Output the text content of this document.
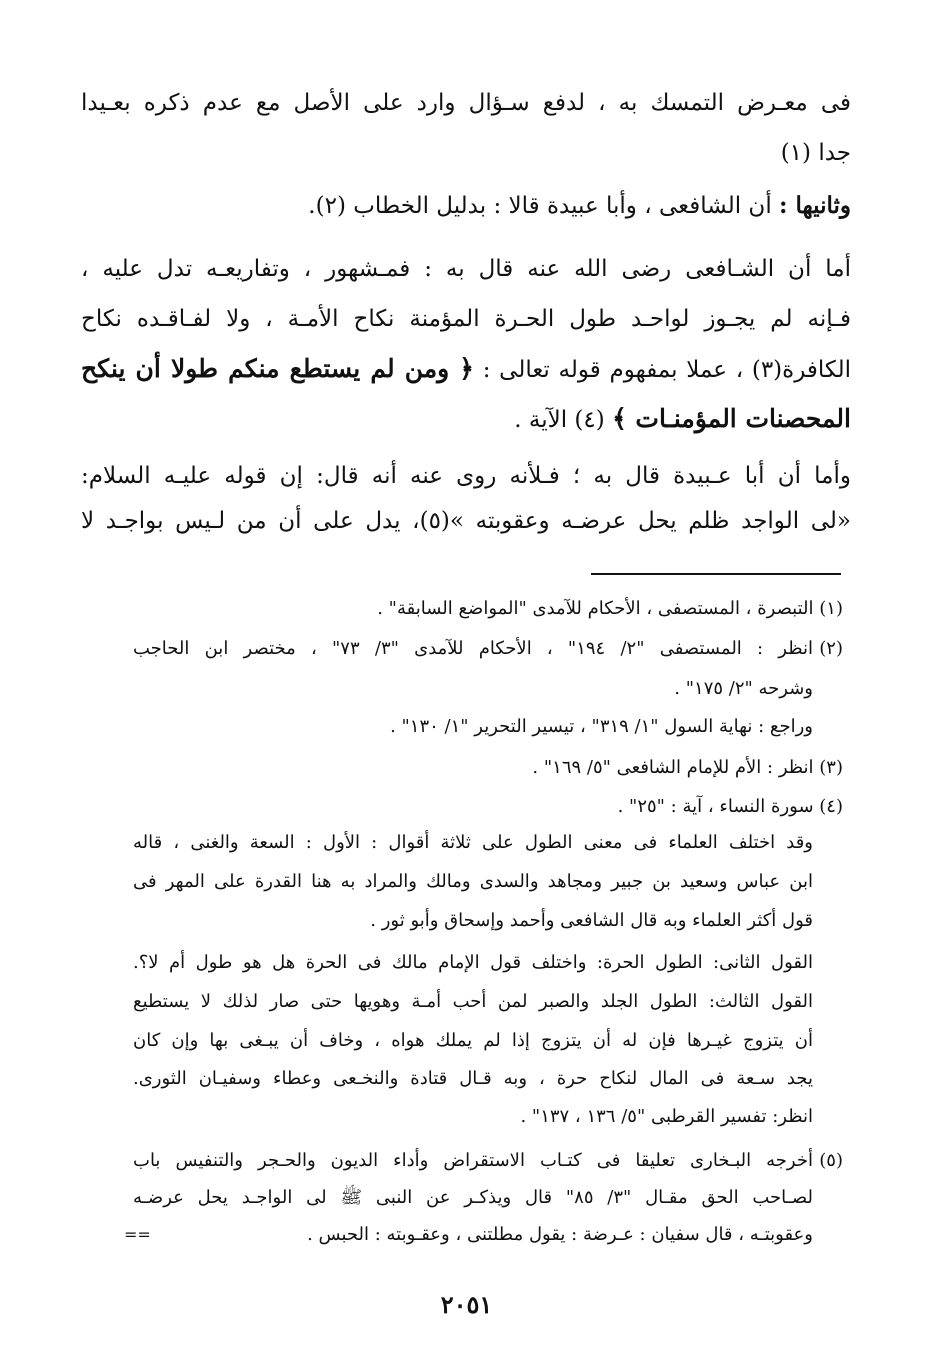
فى معـرض التمسك به ، لدفع سـؤال وارد على الأصل مع عدم ذكره بعـيدا
جدا (١)
وثانيها : أن الشافعى ، وأبا عبيدة قالا : بدليل الخطاب (٢).
أما أن الشـافعى رضى الله عنه قال به : فمـشهور ، وتفاريعـه تدل عليه ،
فـإنه لم يجـوز لواحـد طول الحـرة المؤمنة نكاح الأمـة ، ولا لفـاقـده نكاح
الكافرة(٣) ، عملا بمفهوم قوله تعالى : ﴿ ومن لم يستطع منكم طولا أن ينكح
المحصنات المؤمنـات ﴾ (٤) الآية .
وأما أن أبا عـبيدة قال به ؛ فـلأنه روى عنه أنه قال: إن قوله عليـه السلام:
«لى الواجد ظلم يحل عرضـه وعقوبته »(٥)، يدل على أن من لـيس بواجـد لا
(١) التبصرة ، المستصفى ، الأحكام للآمدى "المواضع السابقة" .
(٢)
انظر : المستصفى "٢/ ١٩٤" ، الأحكام للآمدى "٣/ ٧٣" ، مختصر ابن الحاجب
وشرحه "٢/ ١٧٥" .
وراجع : نهاية السول "١/ ٣١٩" ، تيسير التحرير "١/ ١٣٠" .
(٣) انظر : الأم للإمام الشافعى "٥/ ١٦٩" .
(٤) سورة النساء ، آية : "٢٥" .
وقد اختلف العلماء فى معنى الطول على ثلاثة أقوال : الأول : السعة والغنى ، قاله
ابن عباس وسعيد بن جبير ومجاهد والسدى ومالك والمراد به هنا القدرة على المهر فى
قول أكثر العلماء وبه قال الشافعى وأحمد وإسحاق وأبو ثور .
القول الثانى: الطول الحرة: واختلف قول الإمام مالك فى الحرة هل هو طول أم لا؟.
القول الثالث: الطول الجلد والصبر لمن أحب أمـة وهويها حتى صار لذلك لا يستطيع
أن يتزوج غيـرها فإن له أن يتزوج إذا لم يملك هواه ، وخاف أن يبـغى بها وإن كان
يجد سـعة فى المال لنكاح حرة ، وبه قـال قتادة والنخـعى وعطاء وسفيـان الثورى.
انظر: تفسير القرطبى "٥/ ١٣٦ ، ١٣٧" .
(٥)
أخرجه البـخارى تعليقا فى كتـاب الاستقراض وأداء الديون والحـجر والتنفيس باب
لصـاحب الحق مقـال "٣/ ٨٥" قال ويذكـر عن النبى ﷺ لى الواجـد يحل عرضـه
وعقوبتـه ، قال سفيان : عـرضة : يقول مطلتنى ، وعقـوبته : الحبس .
==
٢٠٥١
